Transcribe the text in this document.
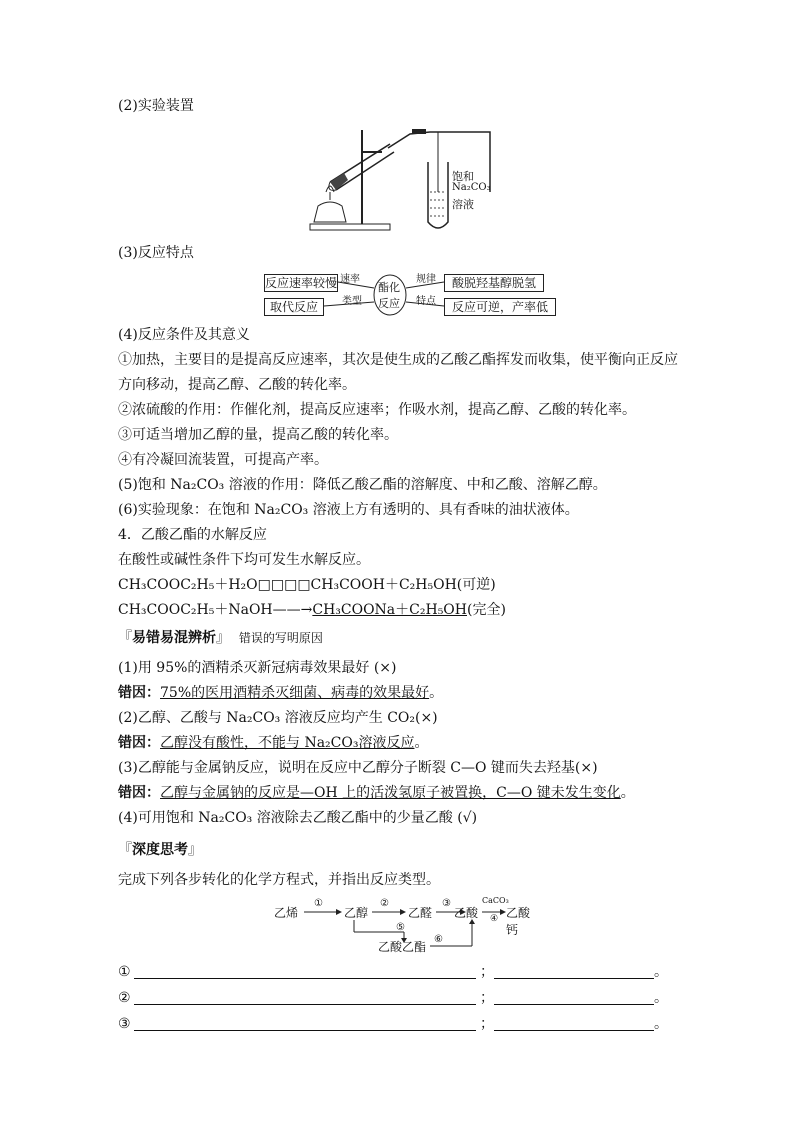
(2)实验装置
饱和
Na₂CO₃
溶液
(3)反应特点
反应速率较慢
取代反应
酸脱羟基醇脱氢
反应可逆，产率低
速率
类型
规律
特点
酯化
反应
(4)反应条件及其意义
①加热，主要目的是提高反应速率，其次是使生成的乙酸乙酯挥发而收集，使平衡向正反应
方向移动，提高乙醇、乙酸的转化率。
②浓硫酸的作用：作催化剂，提高反应速率；作吸水剂，提高乙醇、乙酸的转化率。
③可适当增加乙醇的量，提高乙酸的转化率。
④有冷凝回流装置，可提高产率。
(5)饱和 Na₂CO₃ 溶液的作用：降低乙酸乙酯的溶解度、中和乙酸、溶解乙醇。
(6)实验现象：在饱和 Na₂CO₃ 溶液上方有透明的、具有香味的油状液体。
4．乙酸乙酯的水解反应
在酸性或碱性条件下均可发生水解反应。
CH₃COOC₂H₅＋H₂O□□□□CH₃COOH＋C₂H₅OH(可逆)
CH₃COOC₂H₅＋NaOH——→CH₃COONa＋C₂H₅OH(完全)
『易错易混辨析』 错误的写明原因
(1)用 95%的酒精杀灭新冠病毒效果最好 (×)
错因：75%的医用酒精杀灭细菌、病毒的效果最好。
(2)乙醇、乙酸与 Na₂CO₃ 溶液反应均产生 CO₂(×)
错因：乙醇没有酸性，不能与 Na₂CO₃溶液反应。
(3)乙醇能与金属钠反应，说明在反应中乙醇分子断裂 C—O 键而失去羟基(×)
错因：乙醇与金属钠的反应是—OH 上的活泼氢原子被置换，C—O 键未发生变化。
(4)可用饱和 Na₂CO₃ 溶液除去乙酸乙酯中的少量乙酸 (√)
『深度思考』
完成下列各步转化的化学方程式，并指出反应类型。
乙烯	乙醇	乙醛 乙酸 乙酸钙
乙酸乙酯
①	②	③	CaCO₃
④
⑤
⑥
①	；	。
②	；	。
③	；	。
